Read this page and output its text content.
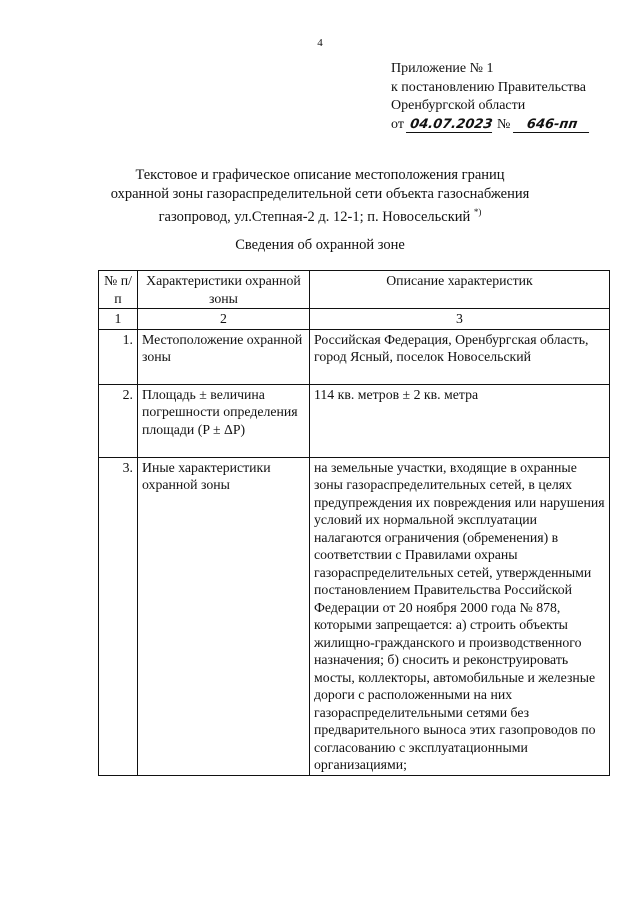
4
Приложение № 1
к постановлению Правительства
Оренбургской области
от 04.07.2023 № 646-пп
Текстовое и графическое описание местоположения границ
охранной зоны газораспределительной сети объекта газоснабжения
газопровод, ул.Степная-2 д. 12-1; п. Новосельский *)
Сведения об охранной зоне
№ п/п	Характеристики охранной зоны	Описание характеристик
1	2	3
1.	Местоположение охранной зоны	Российская Федерация, Оренбургская область, город Ясный, поселок Новосельский
2.	Площадь ± величина погрешности определения площади (P ± ΔP)	114 кв. метров ± 2 кв. метра
3.	Иные характеристики охранной зоны	на земельные участки, входящие в охранные зоны газораспределительных сетей, в целях предупреждения их повреждения или нарушения условий их нормальной эксплуатации налагаются ограничения (обременения) в соответствии с Правилами охраны газораспределительных сетей, утвержденными постановлением Правительства Российской Федерации от 20 ноября 2000 года № 878, которыми запрещается: а) строить объекты жилищно-гражданского и производственного назначения; б) сносить и реконструировать мосты, коллекторы, автомобильные и железные дороги с расположенными на них газораспределительными сетями без предварительного выноса этих газопроводов по согласованию с эксплуатационными организациями;
